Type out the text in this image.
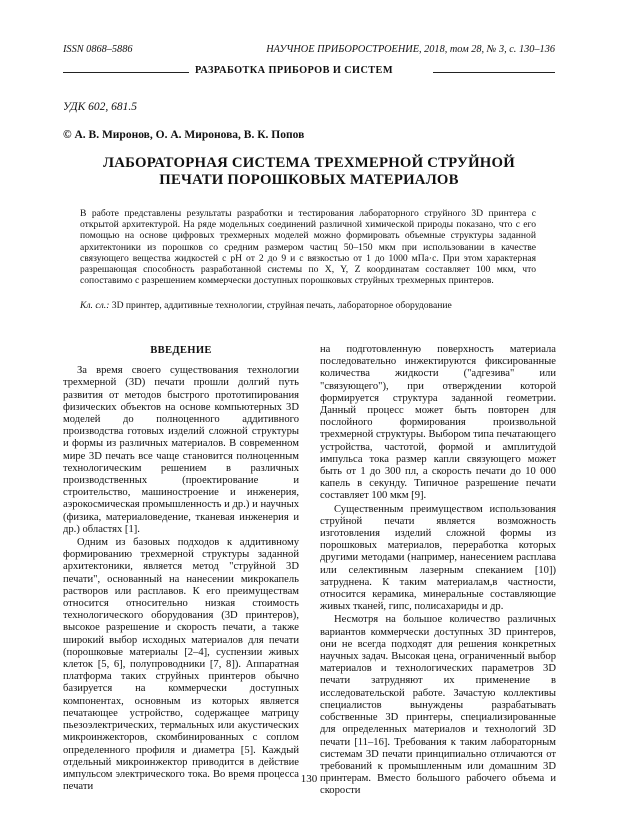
ISSN 0868–5886	НАУЧНОЕ ПРИБОРОСТРОЕНИЕ, 2018, том 28, № 3, c. 130–136
РАЗРАБОТКА ПРИБОРОВ И СИСТЕМ
УДК 602, 681.5
© А. В. Миронов, О. А. Миронова, В. К. Попов
ЛАБОРАТОРНАЯ СИСТЕМА ТРЕХМЕРНОЙ СТРУЙНОЙ
ПЕЧАТИ ПОРОШКОВЫХ МАТЕРИАЛОВ
В работе представлены результаты разработки и тестирования лабораторного струйного 3D принтера с открытой архитектурой. На ряде модельных соединений различной химической природы показано, что с его помощью на основе цифровых трехмерных моделей можно формировать объемные структуры заданной архитектоники из порошков со средним размером частиц 50–150 мкм при использовании в качестве связующего вещества жидкостей с pH от 2 до 9 и с вязкостью от 1 до 1000 мПа·с. При этом характерная разрешающая способность разработанной системы по X, Y, Z координатам составляет 100 мкм, что сопоставимо с разрешением коммерчески доступных порошковых струйных трехмерных принтеров.
Кл. сл.: 3D принтер, аддитивные технологии, струйная печать, лабораторное оборудование
ВВЕДЕНИЕ

За время своего существования технологии трехмерной (3D) печати прошли долгий путь развития от методов быстрого прототипирования физических объектов на основе компьютерных 3D моделей до полноценного аддитивного производства готовых изделий сложной структуры и формы из различных материалов. В современном мире 3D печать все чаще становится полноценным технологическим решением в различных производственных (проектирование и строительство, машиностроение и инженерия, аэрокосмическая промышленность и др.) и научных (физика, материаловедение, тканевая инженерия и др.) областях [1].

Одним из базовых подходов к аддитивному формированию трехмерной структуры заданной архитектоники, является метод "струйной 3D печати", основанный на нанесении микрокапель растворов или расплавов. К его преимуществам относится относительно низкая стоимость технологического оборудования (3D принтеров), высокое разрешение и скорость печати, а также широкий выбор исходных материалов для печати (порошковые материалы [2–4], суспензии живых клеток [5, 6], полупроводники [7, 8]). Аппаратная платформа таких струйных принтеров обычно базируется на коммерчески доступных компонентах, основным из которых является печатающее устройство, содержащее матрицу пьезоэлектрических, термальных или акустических микроинжекторов, скомбинированных с соплом определенного профиля и диаметра [5]. Каждый отдельный микроинжектор приводится в действие импульсом электрического тока. Во время процесса печати

на подготовленную поверхность материала последовательно инжектируются фиксированные количества жидкости ("адгезива" или "связующего"), при отверждении которой формируется структура заданной геометрии. Данный процесс может быть повторен для послойного формирования произвольной трехмерной структуры. Выбором типа печатающего устройства, частотой, формой и амплитудой импульса тока размер капли связующего может быть от 1 до 300 пл, а скорость печати до 10 000 капель в секунду. Типичное разрешение печати составляет 100 мкм [9].

Существенным преимуществом использования струйной печати является возможность изготовления изделий сложной формы из порошковых материалов, переработка которых другими методами (например, нанесением расплава или селективным лазерным спеканием [10]) затруднена. К таким материалам,в частности, относится керамика, минеральные составляющие живых тканей, гипс, полисахариды и др.

Несмотря на большое количество различных вариантов коммерчески доступных 3D принтеров, они не всегда подходят для решения конкретных научных задач. Высокая цена, ограниченный выбор материалов и технологических параметров 3D печати затрудняют их применение в исследовательской работе. Зачастую коллективы специалистов вынуждены разрабатывать собственные 3D принтеры, специализированные для определенных материалов и технологий 3D печати [11–16]. Требования к таким лабораторным системам 3D печати принципиально отличаются от требований к промышленным или домашним 3D принтерам. Вместо большого рабочего объема и скорости

130
